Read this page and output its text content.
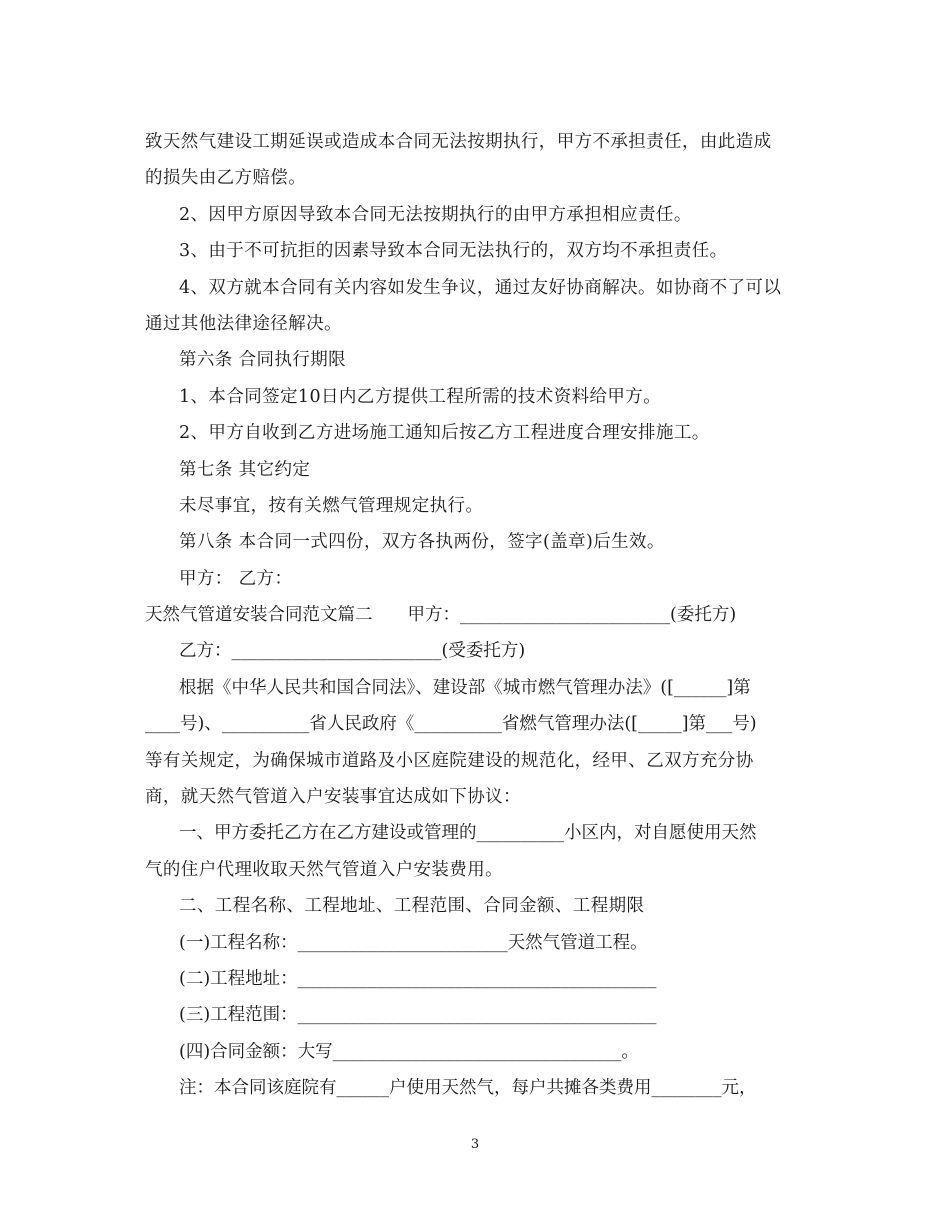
致天然气建设工期延误或造成本合同无法按期执行，甲方不承担责任，由此造成
的损失由乙方赔偿。
2、因甲方原因导致本合同无法按期执行的由甲方承担相应责任。
3、由于不可抗拒的因素导致本合同无法执行的，双方均不承担责任。
4、双方就本合同有关内容如发生争议，通过友好协商解决。如协商不了可以
通过其他法律途径解决。
第六条 合同执行期限
1、本合同签定10日内乙方提供工程所需的技术资料给甲方。
2、甲方自收到乙方进场施工通知后按乙方工程进度合理安排施工。
第七条 其它约定
未尽事宜，按有关燃气管理规定执行。
第八条 本合同一式四份，双方各执两份，签字(盖章)后生效。
甲方： 乙方：
天然气管道安装合同范文篇二　　甲方：________________________(委托方)
乙方：________________________(受委托方)
根据《中华人民共和国合同法》、建设部《城市燃气管理办法》([______]第
____号)、__________省人民政府《__________省燃气管理办法([_____]第___号)
等有关规定，为确保城市道路及小区庭院建设的规范化，经甲、乙双方充分协
商，就天然气管道入户安装事宜达成如下协议：
一、甲方委托乙方在乙方建设或管理的__________小区内，对自愿使用天然
气的住户代理收取天然气管道入户安装费用。
二、工程名称、工程地址、工程范围、合同金额、工程期限
(一)工程名称：________________________天然气管道工程。
(二)工程地址：_________________________________________
(三)工程范围：_________________________________________
(四)合同金额：大写_________________________________。
注：本合同该庭院有______户使用天然气，每户共摊各类费用________元，
3
